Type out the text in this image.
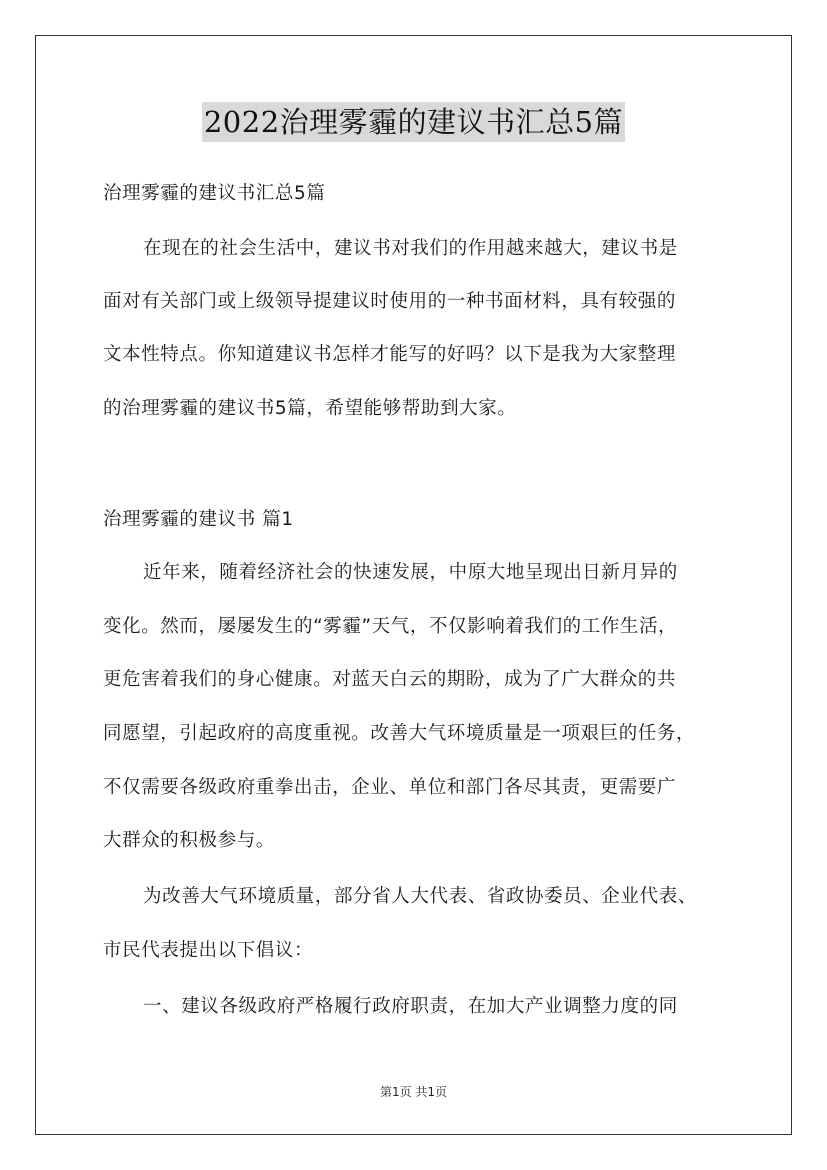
2022治理雾霾的建议书汇总5篇
治理雾霾的建议书汇总5篇
在现在的社会生活中，建议书对我们的作用越来越大，建议书是
面对有关部门或上级领导提建议时使用的一种书面材料，具有较强的
文本性特点。你知道建议书怎样才能写的好吗？以下是我为大家整理
的治理雾霾的建议书5篇，希望能够帮助到大家。
治理雾霾的建议书 篇1
近年来，随着经济社会的快速发展，中原大地呈现出日新月异的
变化。然而，屡屡发生的“雾霾”天气，不仅影响着我们的工作生活，
更危害着我们的身心健康。对蓝天白云的期盼，成为了广大群众的共
同愿望，引起政府的高度重视。改善大气环境质量是一项艰巨的任务，
不仅需要各级政府重拳出击，企业、单位和部门各尽其责，更需要广
大群众的积极参与。
为改善大气环境质量，部分省人大代表、省政协委员、企业代表、
市民代表提出以下倡议：
一、建议各级政府严格履行政府职责，在加大产业调整力度的同
第1页 共1页
